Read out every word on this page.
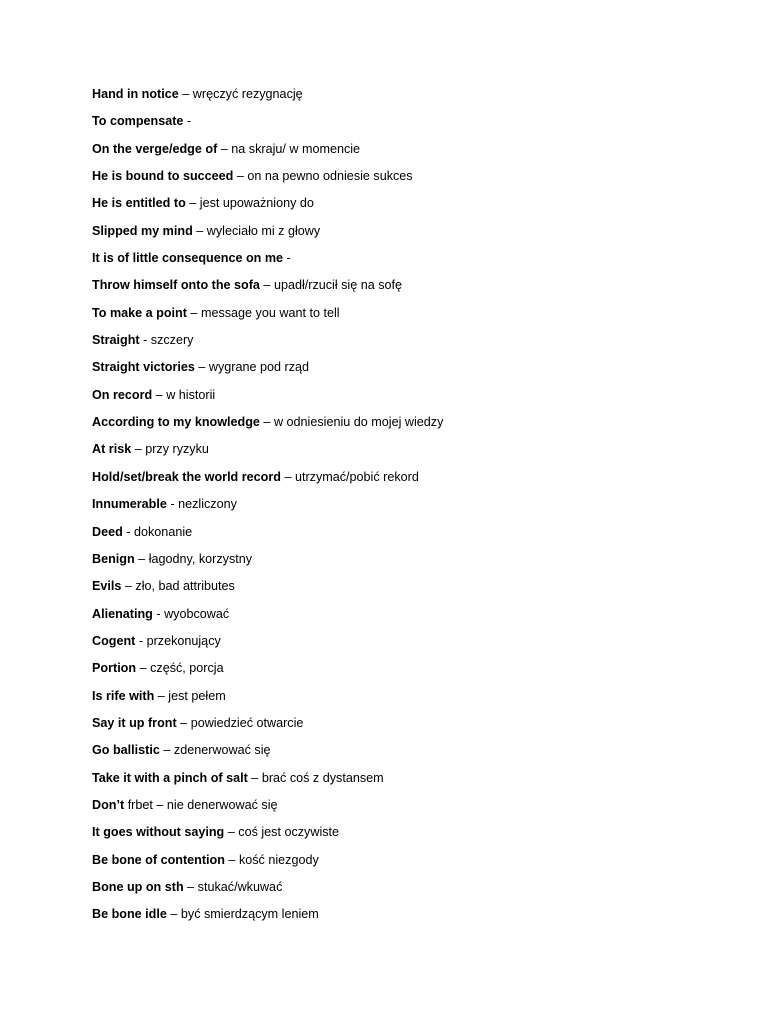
Hand in notice – wręczyć rezygnację
To compensate -
On the verge/edge of – na skraju/ w momencie
He is bound to succeed – on na pewno odniesie sukces
He is entitled to – jest upoważniony do
Slipped my mind – wyleciało mi z głowy
It is of little consequence on me -
Throw himself onto the sofa – upadł/rzucił się na sofę
To make a point – message you want to tell
Straight - szczery
Straight victories – wygrane pod rząd
On record – w historii
According to my knowledge – w odniesieniu do mojej wiedzy
At risk – przy ryzyku
Hold/set/break the world record – utrzymać/pobić rekord
Innumerable - nezliczony
Deed - dokonanie
Benign – łagodny, korzystny
Evils – zło, bad attributes
Alienating - wyobcować
Cogent - przekonujący
Portion – część, porcja
Is rife with – jest pełem
Say it up front – powiedzieć otwarcie
Go ballistic – zdenerwować się
Take it with a pinch of salt – brać coś z dystansem
Don’t frbet – nie denerwować się
It goes without saying – coś jest oczywiste
Be bone of contention – kość niezgody
Bone up on sth – stukać/wkuwać
Be bone idle – być smierdzącym leniem
